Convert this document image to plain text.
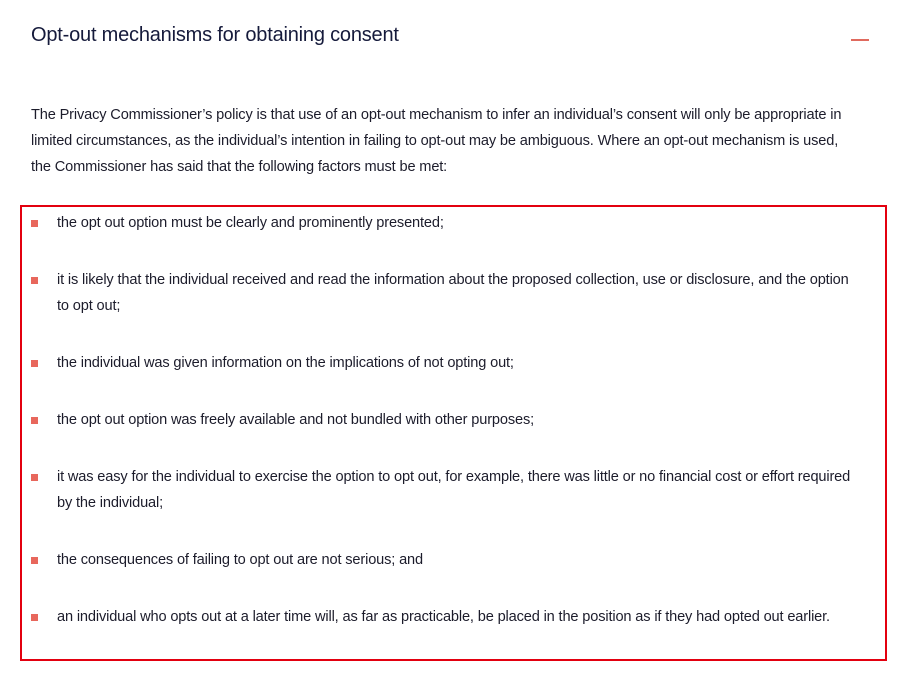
Opt-out mechanisms for obtaining consent

The Privacy Commissioner’s policy is that use of an opt-out mechanism to infer an individual’s consent will only be appropriate in limited circumstances, as the individual’s intention in failing to opt-out may be ambiguous. Where an opt-out mechanism is used, the Commissioner has said that the following factors must be met:

the opt out option must be clearly and prominently presented;
it is likely that the individual received and read the information about the proposed collection, use or disclosure, and the option to opt out;
the individual was given information on the implications of not opting out;
the opt out option was freely available and not bundled with other purposes;
it was easy for the individual to exercise the option to opt out, for example, there was little or no financial cost or effort required by the individual;
the consequences of failing to opt out are not serious; and
an individual who opts out at a later time will, as far as practicable, be placed in the position as if they had opted out earlier.
